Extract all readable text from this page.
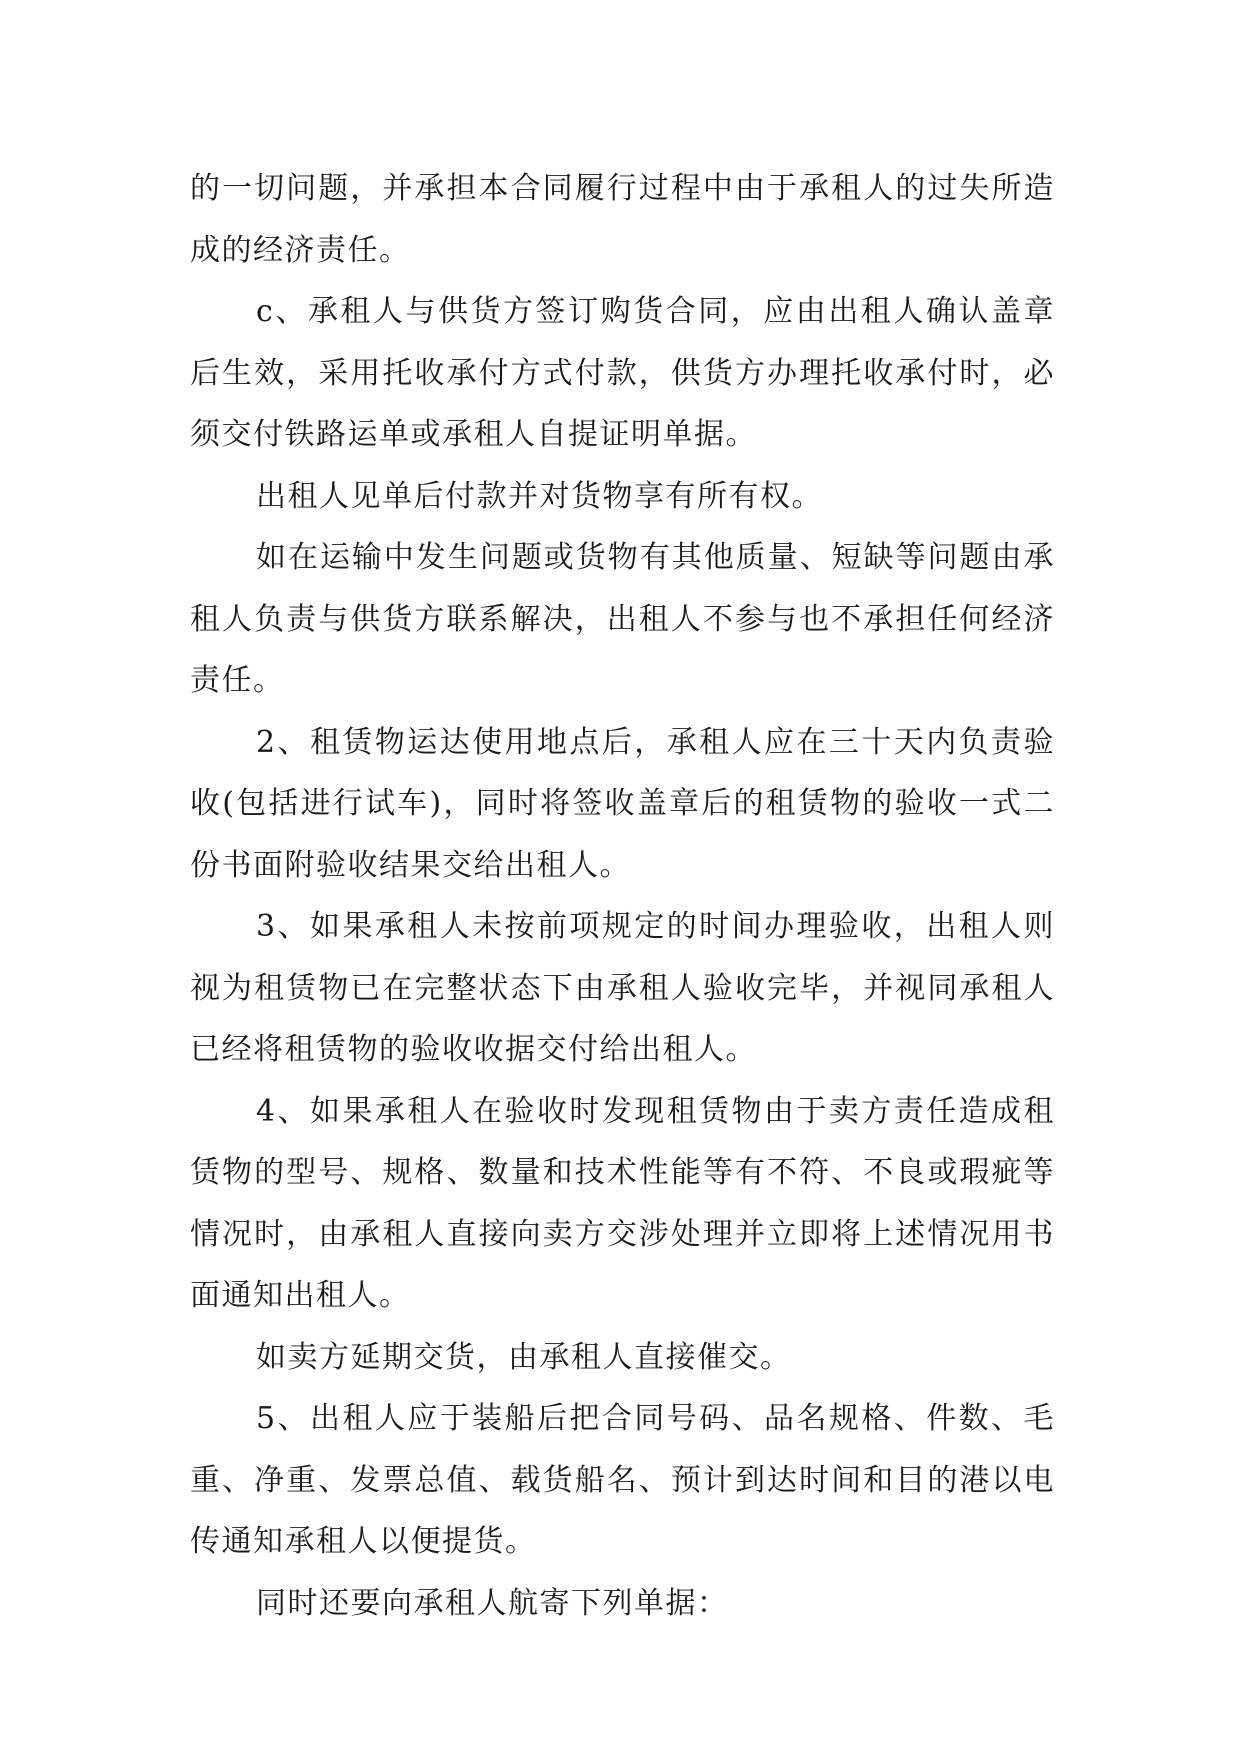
的一切问题，并承担本合同履行过程中由于承租人的过失所造成的经济责任。

c、承租人与供货方签订购货合同，应由出租人确认盖章后生效，采用托收承付方式付款，供货方办理托收承付时，必须交付铁路运单或承租人自提证明单据。

出租人见单后付款并对货物享有所有权。

如在运输中发生问题或货物有其他质量、短缺等问题由承租人负责与供货方联系解决，出租人不参与也不承担任何经济责任。

2、租赁物运达使用地点后，承租人应在三十天内负责验收(包括进行试车)，同时将签收盖章后的租赁物的验收一式二份书面附验收结果交给出租人。

3、如果承租人未按前项规定的时间办理验收，出租人则视为租赁物已在完整状态下由承租人验收完毕，并视同承租人已经将租赁物的验收收据交付给出租人。

4、如果承租人在验收时发现租赁物由于卖方责任造成租赁物的型号、规格、数量和技术性能等有不符、不良或瑕疵等情况时，由承租人直接向卖方交涉处理并立即将上述情况用书面通知出租人。

如卖方延期交货，由承租人直接催交。

5、出租人应于装船后把合同号码、品名规格、件数、毛重、净重、发票总值、载货船名、预计到达时间和目的港以电传通知承租人以便提货。

同时还要向承租人航寄下列单据：
